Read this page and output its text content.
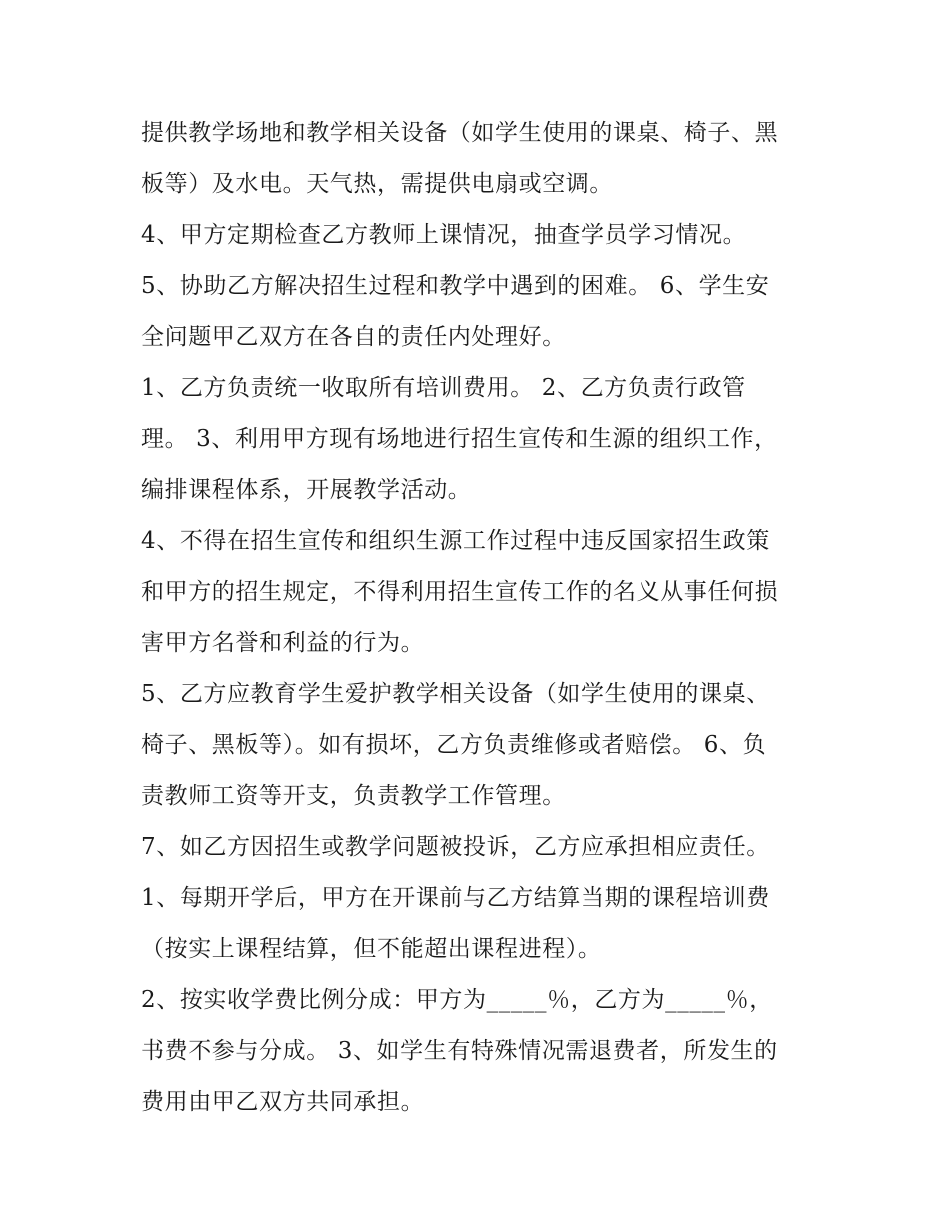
提供教学场地和教学相关设备（如学生使用的课桌、椅子、黑
板等）及水电。天气热，需提供电扇或空调。
4、甲方定期检查乙方教师上课情况，抽查学员学习情况。
5、协助乙方解决招生过程和教学中遇到的困难。 6、学生安
全问题甲乙双方在各自的责任内处理好。
1、乙方负责统一收取所有培训费用。 2、乙方负责行政管
理。 3、利用甲方现有场地进行招生宣传和生源的组织工作，
编排课程体系，开展教学活动。
4、不得在招生宣传和组织生源工作过程中违反国家招生政策
和甲方的招生规定，不得利用招生宣传工作的名义从事任何损
害甲方名誉和利益的行为。
5、乙方应教育学生爱护教学相关设备（如学生使用的课桌、
椅子、黑板等）。如有损坏，乙方负责维修或者赔偿。 6、负
责教师工资等开支，负责教学工作管理。
7、如乙方因招生或教学问题被投诉，乙方应承担相应责任。
1、每期开学后，甲方在开课前与乙方结算当期的课程培训费
（按实上课程结算，但不能超出课程进程）。
2、按实收学费比例分成：甲方为_____％，乙方为_____％，
书费不参与分成。 3、如学生有特殊情况需退费者，所发生的
费用由甲乙双方共同承担。
